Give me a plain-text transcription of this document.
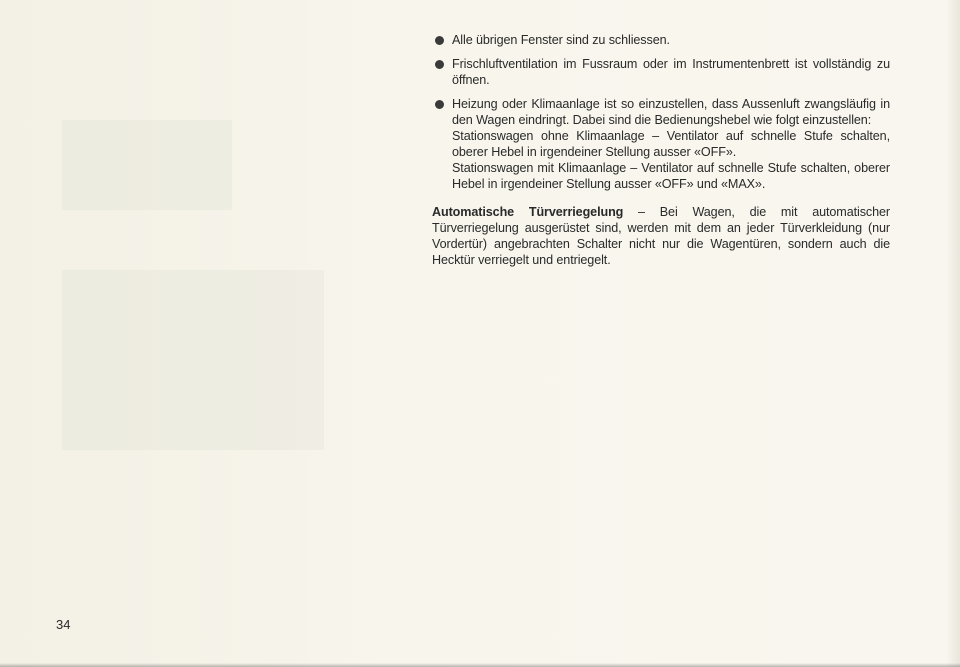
Alle übrigen Fenster sind zu schliessen.
Frischluftventilation im Fussraum oder im Instrumentenbrett ist vollständig zu öffnen.
Heizung oder Klimaanlage ist so einzustellen, dass Aussenluft zwangsläufig in den Wagen eindringt. Dabei sind die Bedienungshebel wie folgt einzustellen:
Stationswagen ohne Klimaanlage – Ventilator auf schnelle Stufe schalten, oberer Hebel in irgendeiner Stellung ausser «OFF».
Stationswagen mit Klimaanlage – Ventilator auf schnelle Stufe schalten, oberer Hebel in irgendeiner Stellung ausser «OFF» und «MAX».
Automatische Türverriegelung – Bei Wagen, die mit automatischer Türverriegelung ausgerüstet sind, werden mit dem an jeder Türverkleidung (nur Vordertür) angebrachten Schalter nicht nur die Wagentüren, sondern auch die Hecktür verriegelt und entriegelt.
34
